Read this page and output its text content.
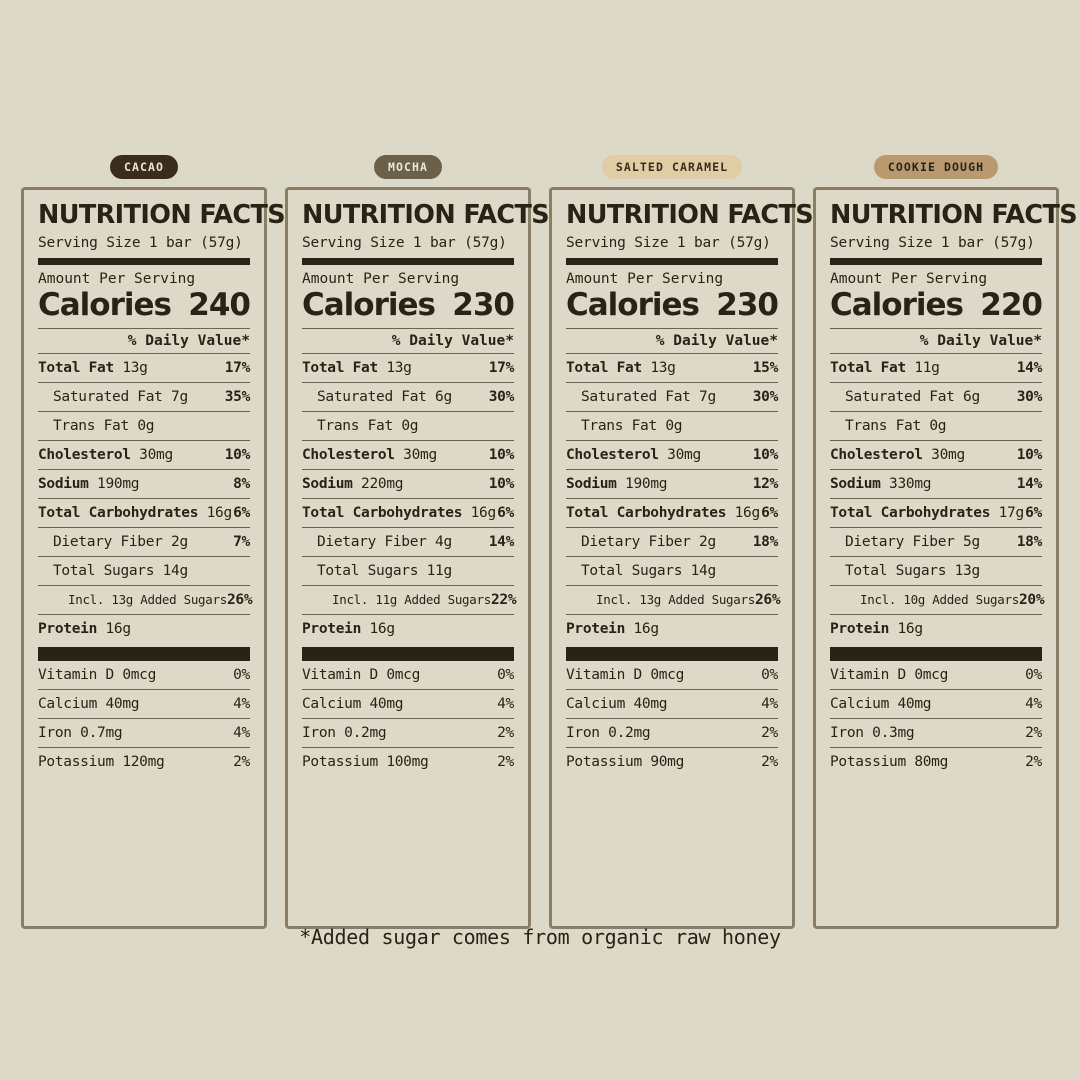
CACAO
NUTRITION FACTS
Serving Size 1 bar (57g)
Amount Per Serving
Calories 240
% Daily Value*
Total Fat 13g	17%
Saturated Fat 7g	35%
Trans Fat 0g
Cholesterol 30mg	10%
Sodium 190mg	8%
Total Carbohydrates 16g 6%
Dietary Fiber 2g	7%
Total Sugars 14g
Incl. 13g Added Sugars 26%
Protein 16g
Vitamin D 0mcg	0%
Calcium 40mg	4%
Iron 0.7mg	4%
Potassium 120mg	2%
MOCHA
NUTRITION FACTS
Serving Size 1 bar (57g)
Amount Per Serving
Calories 230
% Daily Value*
Total Fat 13g	17%
Saturated Fat 6g	30%
Trans Fat 0g
Cholesterol 30mg	10%
Sodium 220mg	10%
Total Carbohydrates 16g 6%
Dietary Fiber 4g	14%
Total Sugars 11g
Incl. 11g Added Sugars 22%
Protein 16g
Vitamin D 0mcg	0%
Calcium 40mg	4%
Iron 0.2mg	2%
Potassium 100mg	2%
SALTED CARAMEL
NUTRITION FACTS
Serving Size 1 bar (57g)
Amount Per Serving
Calories 230
% Daily Value*
Total Fat 13g	15%
Saturated Fat 7g	30%
Trans Fat 0g
Cholesterol 30mg	10%
Sodium 190mg	12%
Total Carbohydrates 16g 6%
Dietary Fiber 2g	18%
Total Sugars 14g
Incl. 13g Added Sugars 26%
Protein 16g
Vitamin D 0mcg	0%
Calcium 40mg	4%
Iron 0.2mg	2%
Potassium 90mg	2%
COOKIE DOUGH
NUTRITION FACTS
Serving Size 1 bar (57g)
Amount Per Serving
Calories 220
% Daily Value*
Total Fat 11g	14%
Saturated Fat 6g	30%
Trans Fat 0g
Cholesterol 30mg	10%
Sodium 330mg	14%
Total Carbohydrates 17g 6%
Dietary Fiber 5g	18%
Total Sugars 13g
Incl. 10g Added Sugars 20%
Protein 16g
Vitamin D 0mcg	0%
Calcium 40mg	4%
Iron 0.3mg	2%
Potassium 80mg	2%
*Added sugar comes from organic raw honey
